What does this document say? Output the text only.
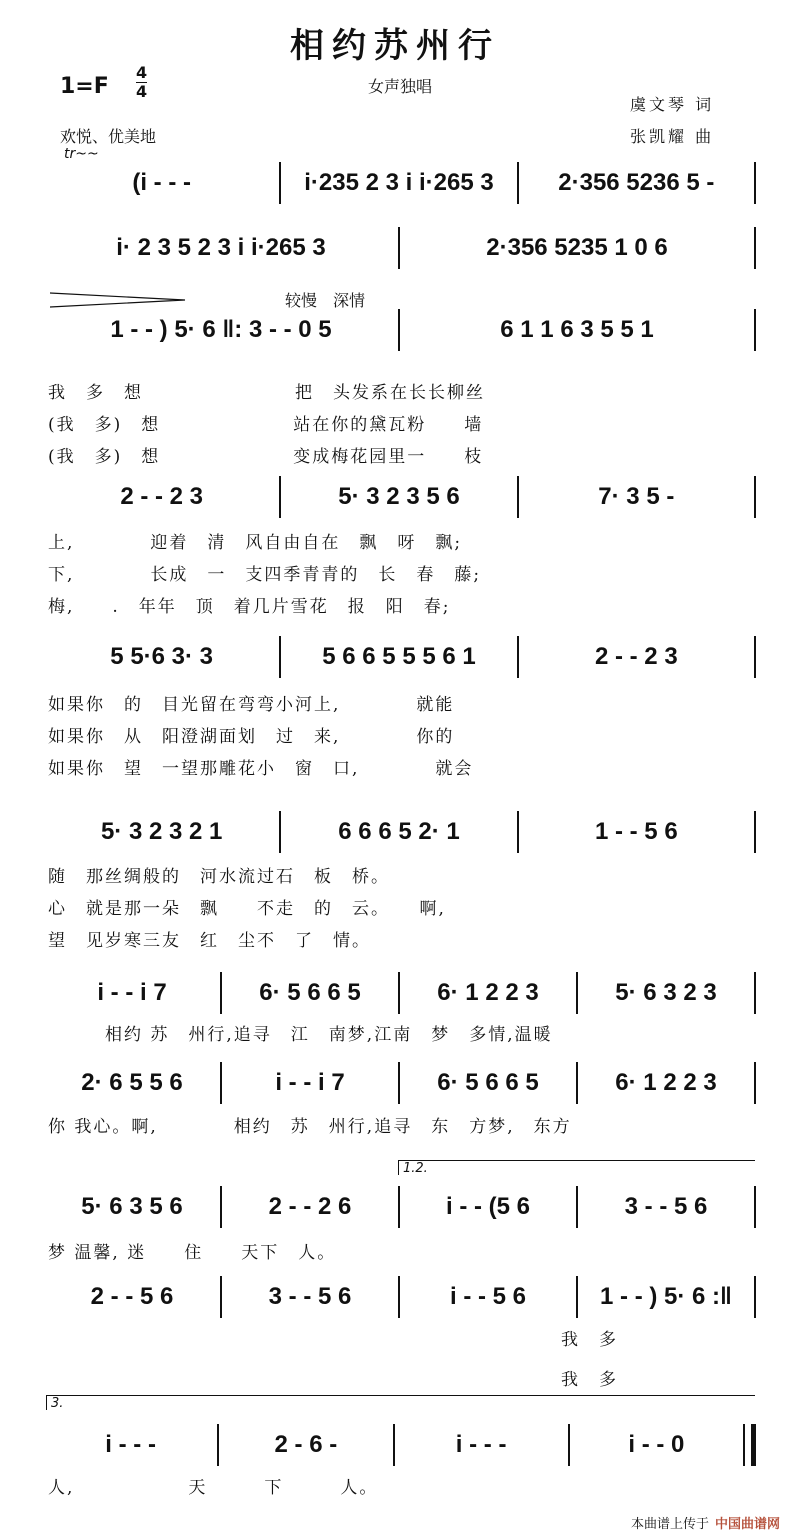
相约苏州行
1=F
4
4	女声独唱
虞文琴 词
张凯耀 曲
欢悦、优美地
tr~~
较慢　深情
1.2.
3.
(i - - -	i·235 2 3 i i·265 3	2·356 5236 5 -
i· 2 3 5 2 3 i i·265 3	2·356 5235 1 0 6
1 - - ) 5· 6 ‖: 3 - - 0 5	6 1 1 6 3 5 5 1
我　多　想　　　　　　　　把　头发系在长长柳丝
(我　多)　想　　　　　　　站在你的黛瓦粉　　墙
(我　多)　想　　　　　　　变成梅花园里一　　枝
2 - - 2 3	5· 3 2 3 5 6	7· 3 5 -
上,　　　　迎着　清　风自由自在　飘　呀　飘;
下,　　　　长成　一　支四季青青的　长　春　藤;
梅,　　.　年年　顶　着几片雪花　报　阳　春;
5 5·6 3· 3	5 6 6 5 5 5 6 1	2 - - 2 3
如果你　的　目光留在弯弯小河上,　　　　就能
如果你　从　阳澄湖面划　过　来,　　　　你的
如果你　望　一望那雕花小　窗　口,　　　　就会
5· 3 2 3 2 1	6 6 6 5 2· 1	1 - - 5 6
随　那丝绸般的　河水流过石　板　桥。　　　　　
心　就是那一朵　飘　　不走　的　云。　　啊,
望　见岁寒三友　红　尘不　了　情。　　　　　
i - - i 7	6· 5 6 6 5	6· 1 2 2 3	5· 6 3 2 3
　　　相约 苏　州行,追寻　江　南梦,江南　梦　多情,温暖
2· 6 5 5 6	i - - i 7	6· 5 6 6 5	6· 1 2 2 3
你 我心。啊,　　　　相约　苏　州行,追寻　东　方梦,　东方
5· 6 3 5 6	2 - - 2 6	i - - (5 6	3 - - 5 6
梦 温馨, 迷　　住　　天下　人。
2 - - 5 6	3 - - 5 6	i - - 5 6	1 - - ) 5· 6 :‖
　　　　　　　　　　　　　　　　　　　　　　　　　　　我　多
　　　　　　　　　　　　　　　　　　　　　　　　　　　我　多
i - - -	2 - 6 -	i - - -	i - - 0
人,　　　　　　天　　　下　　　人。
本曲谱上传于 中国曲谱网
